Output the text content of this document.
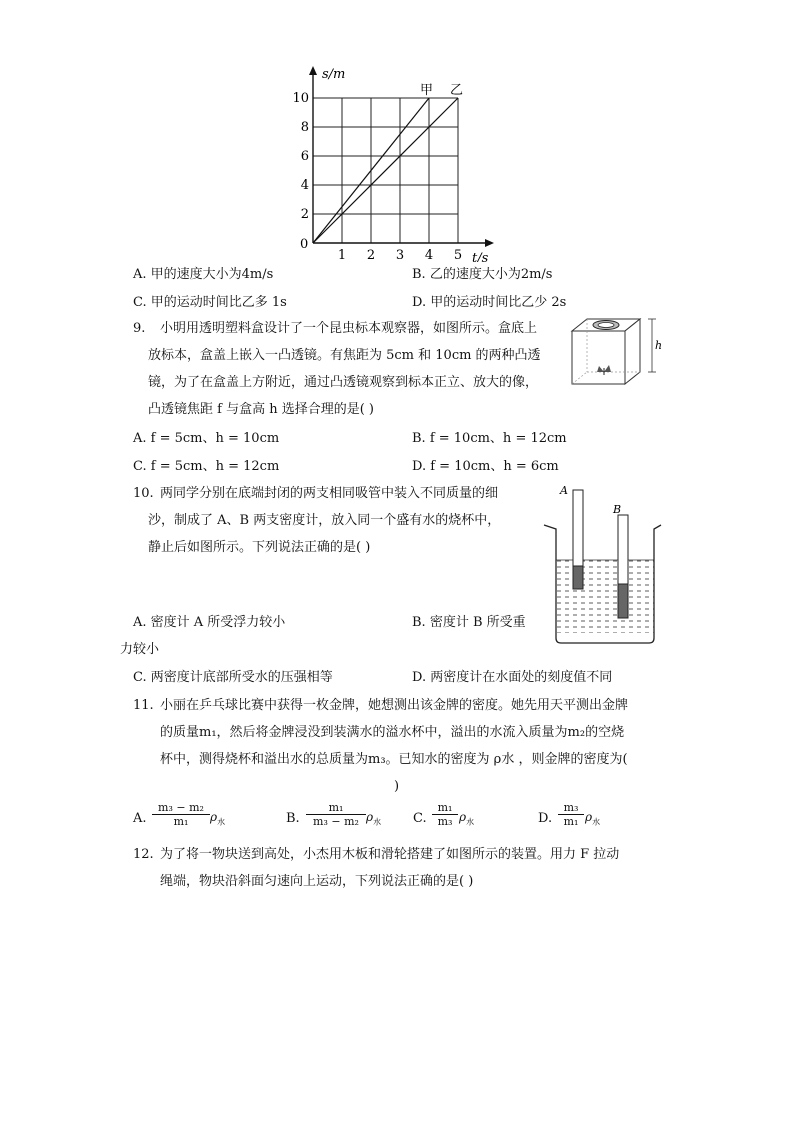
s/m
t/s
0
10
8
6
4
2
1 2 3 4 5
甲 乙
A. 甲的速度大小为4m/s	B. 乙的速度大小为2m/s
C. 甲的运动时间比乙多 1s	D. 甲的运动时间比乙少 2s
9. 小明用透明塑料盒设计了一个昆虫标本观察器，如图所示。盒底上
放标本，盒盖上嵌入一凸透镜。有焦距为 5cm 和 10cm 的两种凸透
镜，为了在盒盖上方附近，通过凸透镜观察到标本正立、放大的像，
凸透镜焦距 f 与盒高 h 选择合理的是( )
h
A. f = 5cm、h = 10cm	B. f = 10cm、h = 12cm
C. f = 5cm、h = 12cm	D. f = 10cm、h = 6cm
10. 两同学分别在底端封闭的两支相同吸管中装入不同质量的细
沙，制成了 A、B 两支密度计，放入同一个盛有水的烧杯中，
静止后如图所示。下列说法正确的是( )
A
B
A. 密度计 A 所受浮力较小	B. 密度计 B 所受重
力较小
C. 两密度计底部所受水的压强相等	D. 两密度计在水面处的刻度值不同
11. 小丽在乒乓球比赛中获得一枚金牌，她想测出该金牌的密度。她先用天平测出金牌
的质量m₁，然后将金牌浸没到装满水的溢水杯中，溢出的水流入质量为m₂的空烧
杯中，测得烧杯和溢出水的总质量为m₃。已知水的密度为 ρ水 ，则金牌的密度为(
)
A. $\frac{\text{m₃ − m₂}}{\text{m₁}} \rho_水$	B. $\frac{\text{m₁}}{\text{m₃ − m₂}} \rho_水$ C. $\frac{\text{m₁}}{\text{m₃}} \rho_水$	D. $\frac{\text{m₃}}{\text{m₁}} \rho_水$
12. 为了将一物块送到高处，小杰用木板和滑轮搭建了如图所示的装置。用力 F 拉动
绳端，物块沿斜面匀速向上运动，下列说法正确的是( )
